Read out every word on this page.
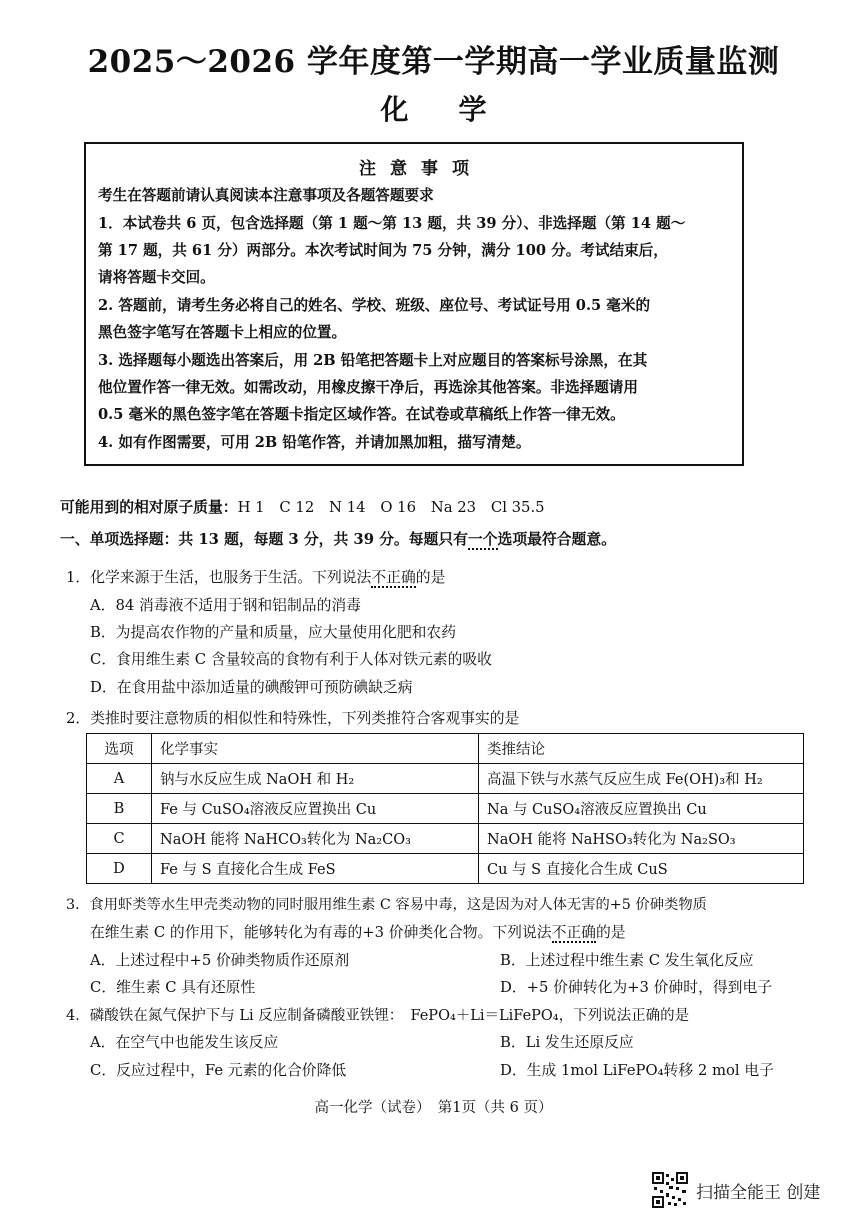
2025～2026 学年度第一学期高一学业质量监测
化学
注意事项
考生在答题前请认真阅读本注意事项及各题答题要求
1．本试卷共 6 页，包含选择题（第 1 题～第 13 题，共 39 分）、非选择题（第 14 题～
第 17 题，共 61 分）两部分。本次考试时间为 75 分钟，满分 100 分。考试结束后，
请将答题卡交回。
2. 答题前，请考生务必将自己的姓名、学校、班级、座位号、考试证号用 0.5 毫米的
黑色签字笔写在答题卡上相应的位置。
3. 选择题每小题选出答案后，用 2B 铅笔把答题卡上对应题目的答案标号涂黑，在其
他位置作答一律无效。如需改动，用橡皮擦干净后，再选涂其他答案。非选择题请用
0.5 毫米的黑色签字笔在答题卡指定区域作答。在试卷或草稿纸上作答一律无效。
4. 如有作图需要，可用 2B 铅笔作答，并请加黑加粗，描写清楚。
可能用到的相对原子质量：H 1　C 12　N 14　O 16　Na 23　Cl 35.5
一、单项选择题：共 13 题，每题 3 分，共 39 分。每题只有一个选项最符合题意。
1．化学来源于生活，也服务于生活。下列说法不正确的是
A．84 消毒液不适用于钢和铝制品的消毒
B．为提高农作物的产量和质量，应大量使用化肥和农药
C．食用维生素 C 含量较高的食物有利于人体对铁元素的吸收
D．在食用盐中添加适量的碘酸钾可预防碘缺乏病
2．类推时要注意物质的相似性和特殊性，下列类推符合客观事实的是
选项	化学事实	类推结论
A	钠与水反应生成 NaOH 和 H₂	高温下铁与水蒸气反应生成 Fe(OH)₃和 H₂
B	Fe 与 CuSO₄溶液反应置换出 Cu	Na 与 CuSO₄溶液反应置换出 Cu
C	NaOH 能将 NaHCO₃转化为 Na₂CO₃	NaOH 能将 NaHSO₃转化为 Na₂SO₃
D	Fe 与 S 直接化合生成 FeS	Cu 与 S 直接化合生成 CuS
3．食用虾类等水生甲壳类动物的同时服用维生素 C 容易中毒，这是因为对人体无害的+5 价砷类物质
在维生素 C 的作用下，能够转化为有毒的+3 价砷类化合物。下列说法不正确的是
A．上述过程中+5 价砷类物质作还原剂	B．上述过程中维生素 C 发生氧化反应
C．维生素 C 具有还原性	D．+5 价砷转化为+3 价砷时，得到电子
4．磷酸铁在氮气保护下与 Li 反应制备磷酸亚铁锂：　FePO₄＋Li＝LiFePO₄，下列说法正确的是
A．在空气中也能发生该反应	B．Li 发生还原反应
C．反应过程中，Fe 元素的化合价降低	D．生成 1mol LiFePO₄转移 2 mol 电子
高一化学（试卷）　第1页（共 6 页）
扫描全能王 创建
